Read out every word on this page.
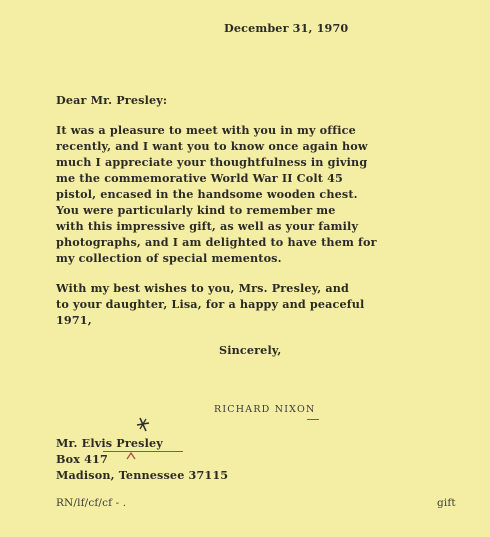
December 31, 1970
Dear Mr. Presley:
It was a pleasure to meet with you in my office
recently, and I want you to know once again how
much I appreciate your thoughtfulness in giving
me the commemorative World War II Colt 45
pistol, encased in the handsome wooden chest.
You were particularly kind to remember me
with this impressive gift, as well as your family
photographs, and I am delighted to have them for
my collection of special mementos.
With my best wishes to you, Mrs. Presley, and
to your daughter, Lisa, for a happy and peaceful
1971,
Sincerely,
RICHARD NIXON
Mr. Elvis Presley
Box 417
Madison, Tennessee 37115
RN/lf/cf/cf - .	gift
